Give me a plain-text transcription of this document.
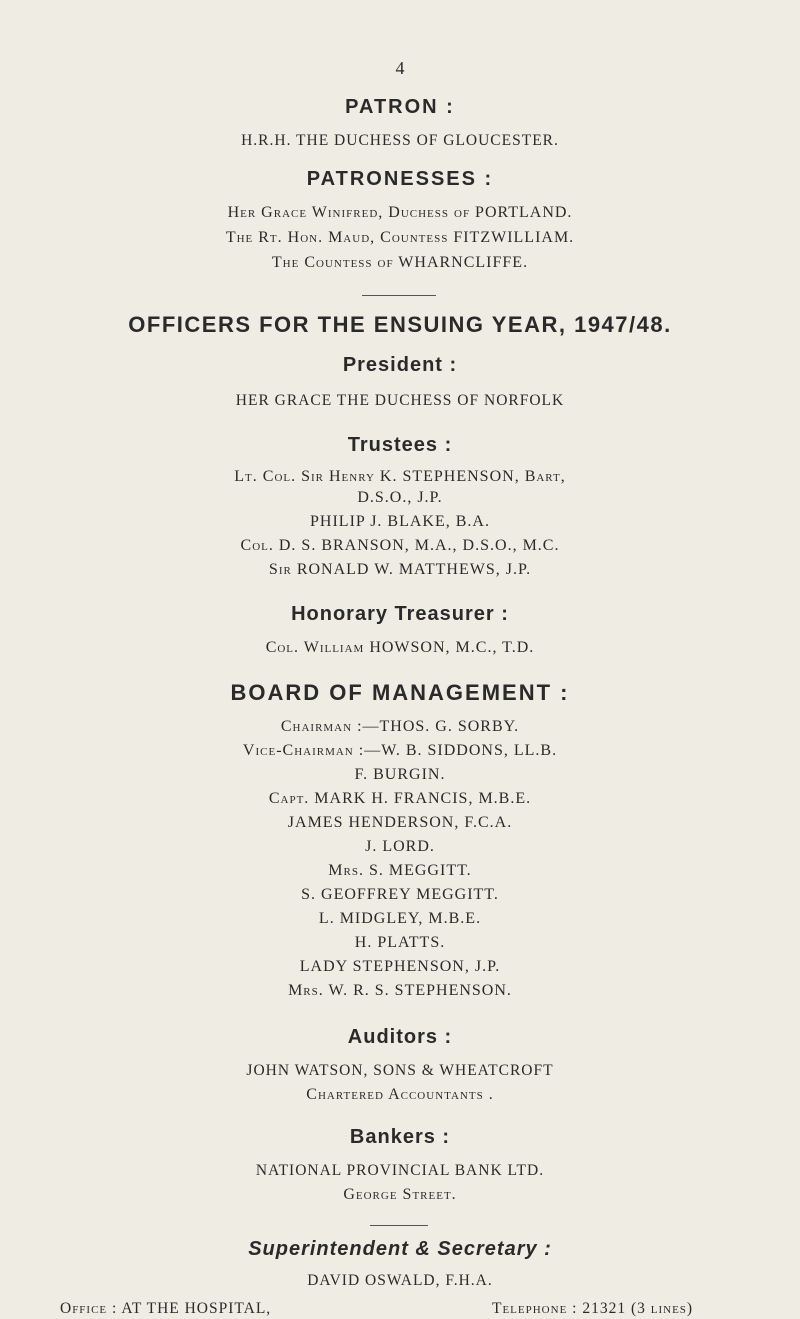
4
PATRON :
H.R.H. THE DUCHESS OF GLOUCESTER.
PATRONESSES :
Her Grace Winifred, Duchess of PORTLAND.
The Rt. Hon. Maud, Countess FITZWILLIAM.
The Countess of WHARNCLIFFE.
OFFICERS FOR THE ENSUING YEAR, 1947/48.
President :
HER GRACE THE DUCHESS OF NORFOLK
Trustees :
Lt. Col. Sir Henry K. STEPHENSON, Bart,
D.S.O., J.P.
PHILIP J. BLAKE, B.A.
Col. D. S. BRANSON, M.A., D.S.O., M.C.
Sir RONALD W. MATTHEWS, J.P.
Honorary Treasurer :
Col. William HOWSON, M.C., T.D.
BOARD OF MANAGEMENT :
Chairman :—THOS. G. SORBY.
Vice-Chairman :—W. B. SIDDONS, LL.B.
F. BURGIN.
Capt. MARK H. FRANCIS, M.B.E.
JAMES HENDERSON, F.C.A.
J. LORD.
Mrs. S. MEGGITT.
S. GEOFFREY MEGGITT.
L. MIDGLEY, M.B.E.
H. PLATTS.
LADY STEPHENSON, J.P.
Mrs. W. R. S. STEPHENSON.
Auditors :
JOHN WATSON, SONS & WHEATCROFT
Chartered Accountants .
Bankers :
NATIONAL PROVINCIAL BANK LTD.
George Street.
Superintendent & Secretary :
DAVID OSWALD, F.H.A.
Office : AT THE HOSPITAL,	Telephone : 21321 (3 lines)
